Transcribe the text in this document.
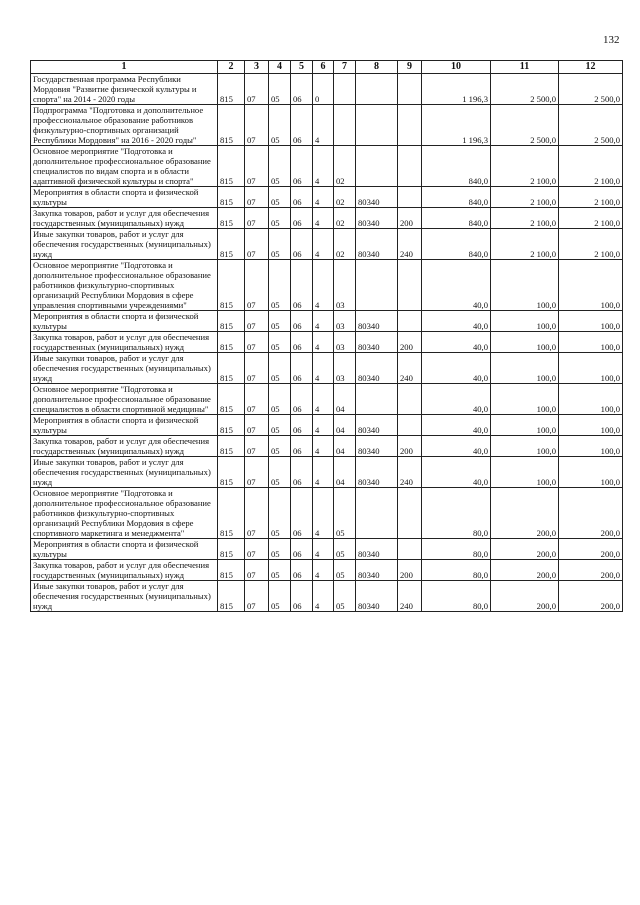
132
1	2	3	4	5	6	7	8	9	10	11	12
Государственная программа Республики Мордовия "Развитие физической культуры и спорта" на 2014 - 2020 годы	815	07	05	06	0				1 196,3	2 500,0	2 500,0
Подпрограмма "Подготовка и дополнительное профессиональное образование работников физкультурно-спортивных организаций Республики Мордовия" на 2016 - 2020 годы"	815	07	05	06	4				1 196,3	2 500,0	2 500,0
Основное мероприятие "Подготовка и дополнительное профессиональное образование специалистов по видам спорта и в области адаптивной физической культуры и спорта"	815	07	05	06	4	02			840,0	2 100,0	2 100,0
Мероприятия в области спорта и физической культуры	815	07	05	06	4	02	80340		840,0	2 100,0	2 100,0
Закупка товаров, работ и услуг для обеспечения государственных (муниципальных) нужд	815	07	05	06	4	02	80340	200	840,0	2 100,0	2 100,0
Иные закупки товаров, работ и услуг для обеспечения государственных (муниципальных) нужд	815	07	05	06	4	02	80340	240	840,0	2 100,0	2 100,0
Основное мероприятие "Подготовка и дополнительное профессиональное образование работников физкультурно-спортивных организаций Республики Мордовия в сфере управления спортивными учреждениями"	815	07	05	06	4	03			40,0	100,0	100,0
Мероприятия в области спорта и физической культуры	815	07	05	06	4	03	80340		40,0	100,0	100,0
Закупка товаров, работ и услуг для обеспечения государственных (муниципальных) нужд	815	07	05	06	4	03	80340	200	40,0	100,0	100,0
Иные закупки товаров, работ и услуг для обеспечения государственных (муниципальных) нужд	815	07	05	06	4	03	80340	240	40,0	100,0	100,0
Основное мероприятие "Подготовка и дополнительное профессиональное образование специалистов в области спортивной медицины"	815	07	05	06	4	04			40,0	100,0	100,0
Мероприятия в области спорта и физической культуры	815	07	05	06	4	04	80340		40,0	100,0	100,0
Закупка товаров, работ и услуг для обеспечения государственных (муниципальных) нужд	815	07	05	06	4	04	80340	200	40,0	100,0	100,0
Иные закупки товаров, работ и услуг для обеспечения государственных (муниципальных) нужд	815	07	05	06	4	04	80340	240	40,0	100,0	100,0
Основное мероприятие "Подготовка и дополнительное профессиональное образование работников физкультурно-спортивных организаций Республики Мордовия в сфере спортивного маркетинга и менеджмента"	815	07	05	06	4	05			80,0	200,0	200,0
Мероприятия в области спорта и физической культуры	815	07	05	06	4	05	80340		80,0	200,0	200,0
Закупка товаров, работ и услуг для обеспечения государственных (муниципальных) нужд	815	07	05	06	4	05	80340	200	80,0	200,0	200,0
Иные закупки товаров, работ и услуг для обеспечения государственных (муниципальных) нужд	815	07	05	06	4	05	80340	240	80,0	200,0	200,0
